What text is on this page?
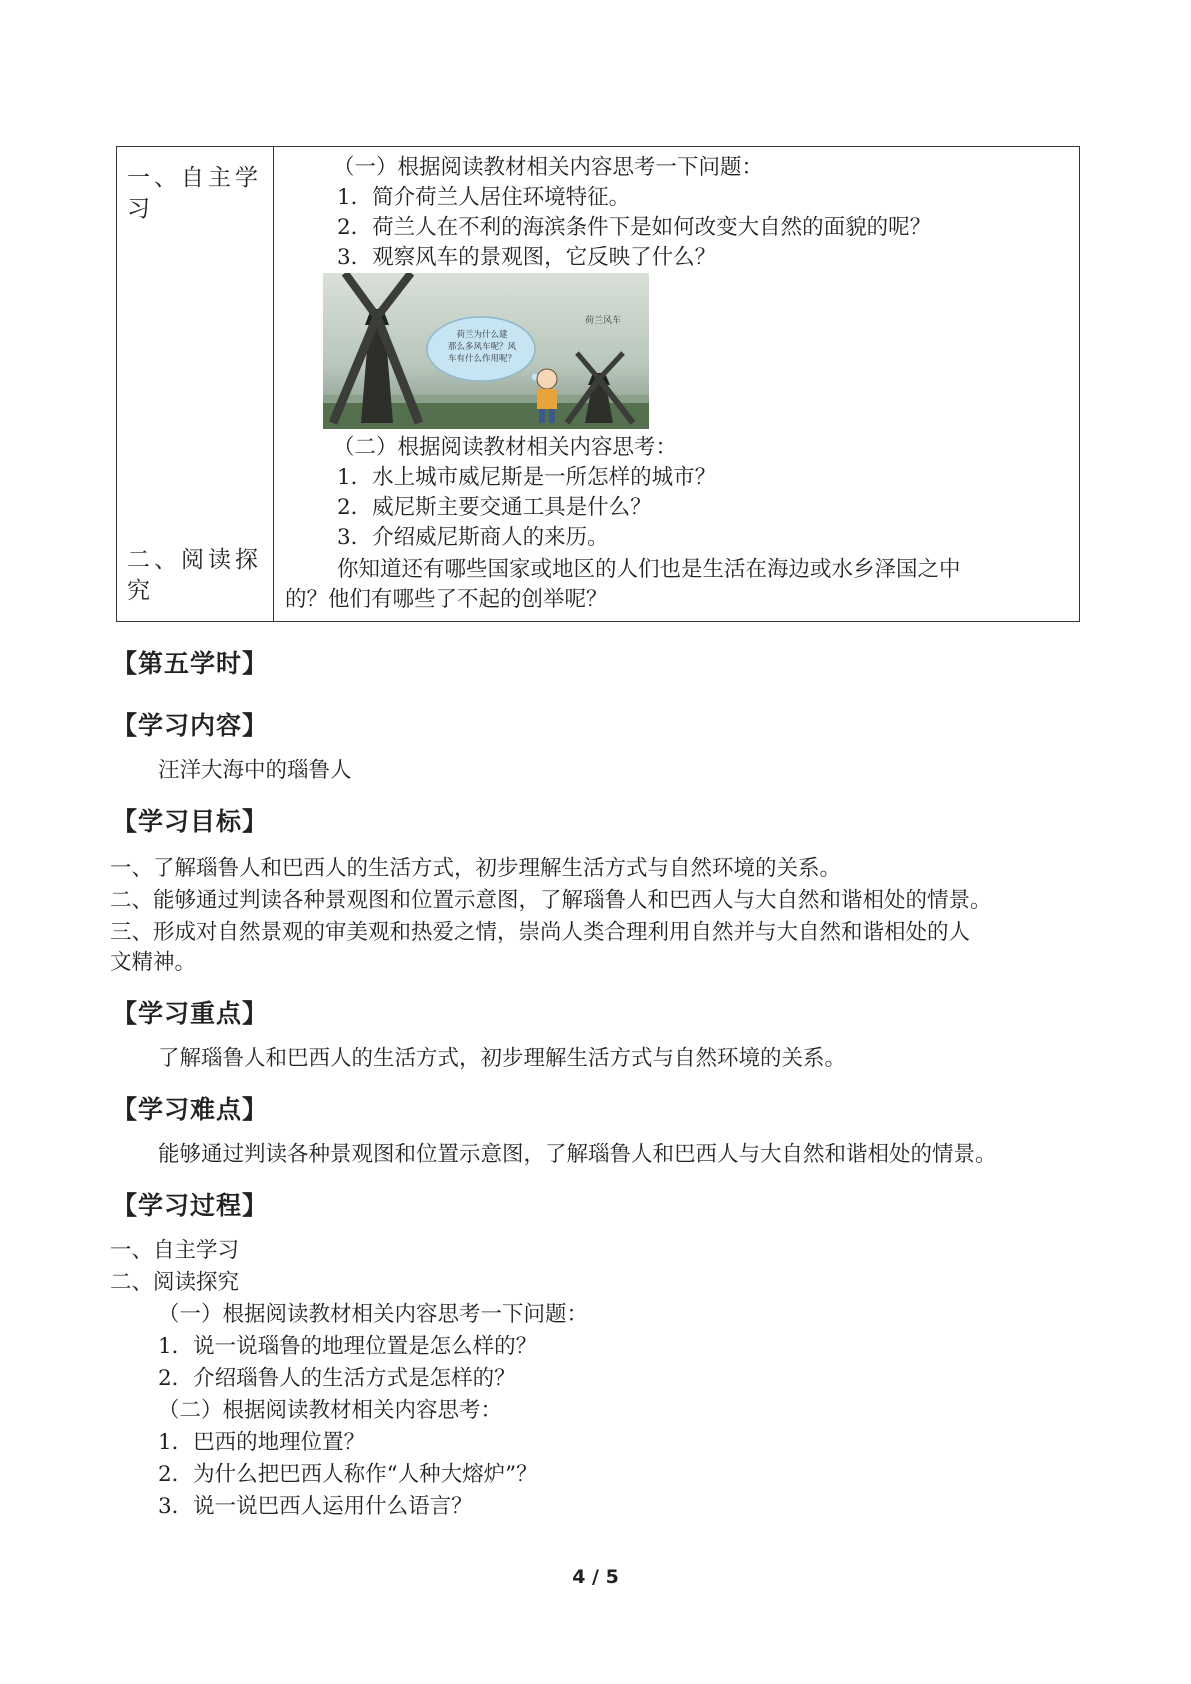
一、自主学
习
二、阅读探
究
（一）根据阅读教材相关内容思考一下问题：
1．简介荷兰人居住环境特征。
2．荷兰人在不利的海滨条件下是如何改变大自然的面貌的呢？
3．观察风车的景观图，它反映了什么？
荷兰风车
荷兰为什么建
那么多风车呢？风
车有什么作用呢？
（二）根据阅读教材相关内容思考：
1．水上城市威尼斯是一所怎样的城市？
2．威尼斯主要交通工具是什么？
3．介绍威尼斯商人的来历。
你知道还有哪些国家或地区的人们也是生活在海边或水乡泽国之中
的？他们有哪些了不起的创举呢？
【第五学时】
【学习内容】
汪洋大海中的瑙鲁人
【学习目标】
一、了解瑙鲁人和巴西人的生活方式，初步理解生活方式与自然环境的关系。
二、能够通过判读各种景观图和位置示意图，了解瑙鲁人和巴西人与大自然和谐相处的情景。
三、形成对自然景观的审美观和热爱之情，崇尚人类合理利用自然并与大自然和谐相处的人
文精神。
【学习重点】
了解瑙鲁人和巴西人的生活方式，初步理解生活方式与自然环境的关系。
【学习难点】
能够通过判读各种景观图和位置示意图，了解瑙鲁人和巴西人与大自然和谐相处的情景。
【学习过程】
一、自主学习
二、阅读探究
（一）根据阅读教材相关内容思考一下问题：
1．说一说瑙鲁的地理位置是怎么样的？
2．介绍瑙鲁人的生活方式是怎样的？
（二）根据阅读教材相关内容思考：
1．巴西的地理位置？
2．为什么把巴西人称作“人种大熔炉”？
3．说一说巴西人运用什么语言？
4 / 5
